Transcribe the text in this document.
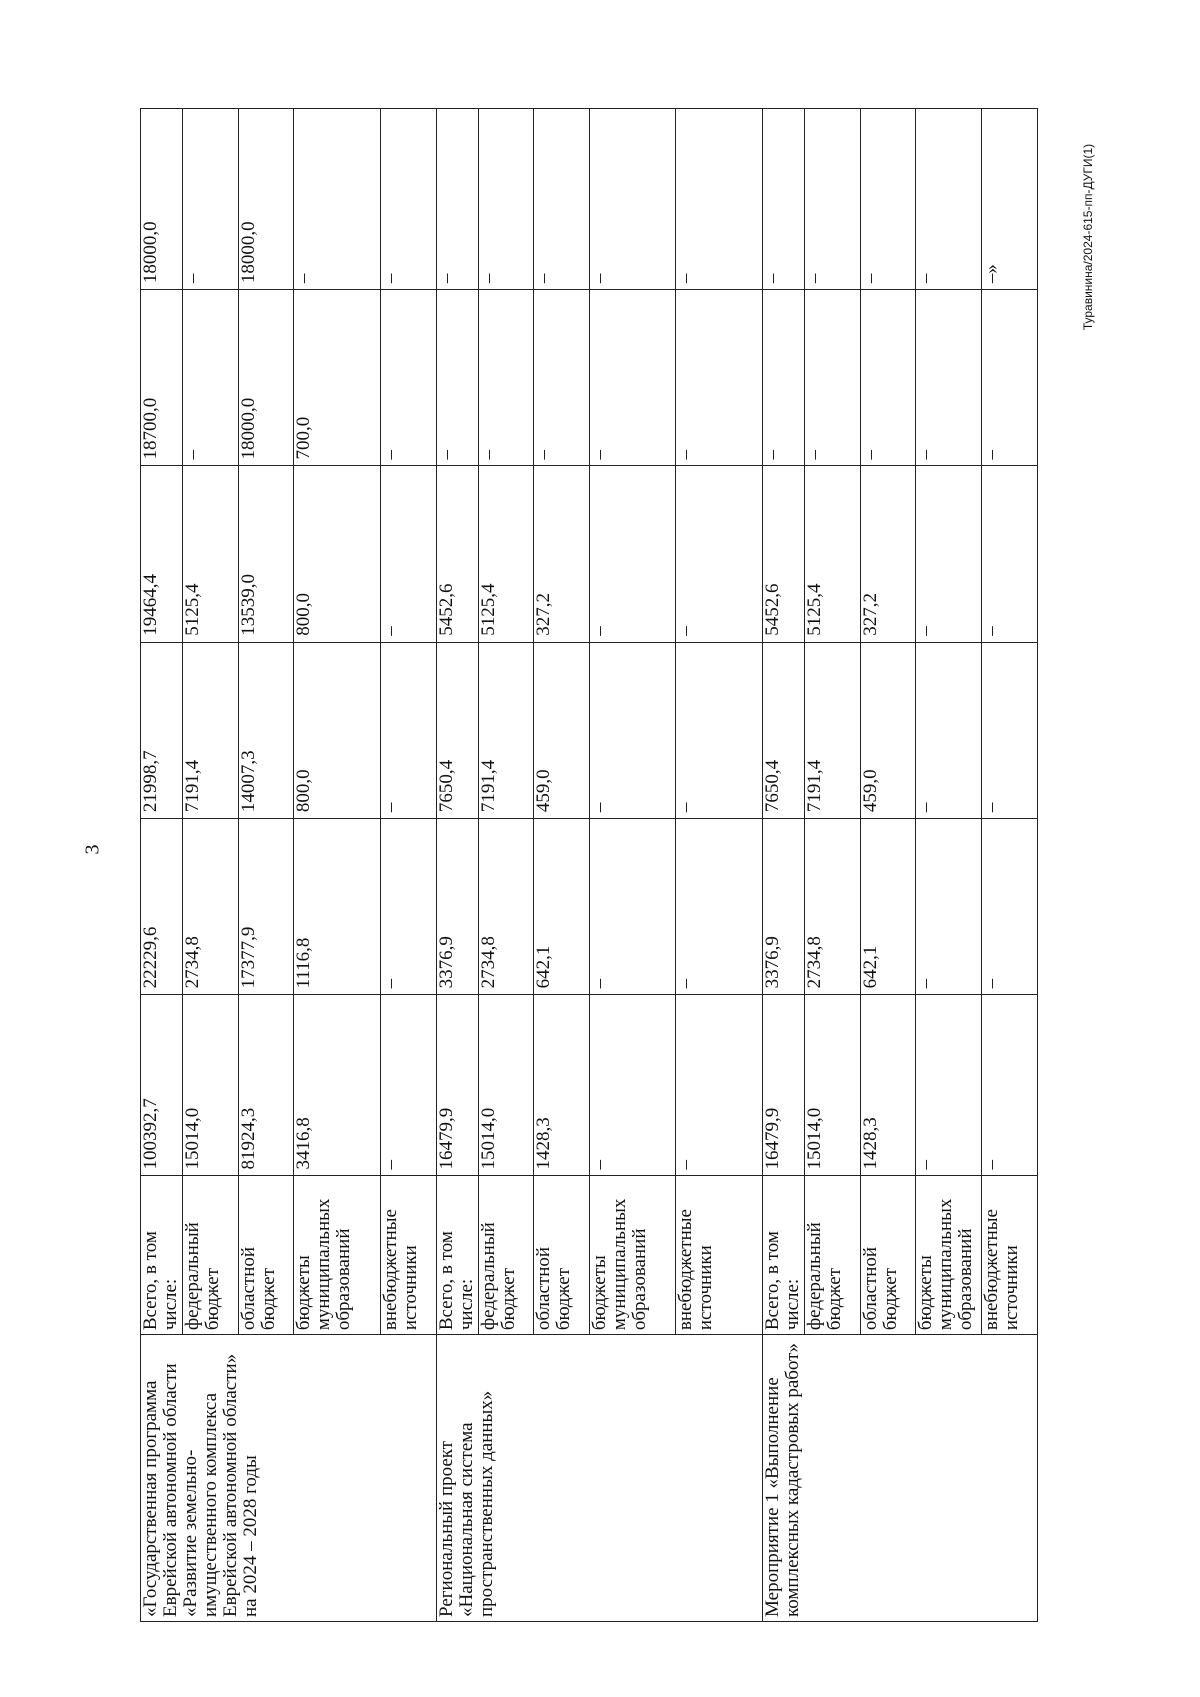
3
Туравинина/2024-615-пп-ДУГИ(1)
«Государственная программа Еврейской автономной области «Развитие земельно-имущественного комплекса Еврейской автономной области» на 2024 – 2028 годы	Всего, в том числе:	100392,7	22229,6	21998,7	19464,4	18700,0	18000,0
	федеральный бюджет	15014,0	2734,8	7191,4	5125,4	–	–
	областной бюджет	81924,3	17377,9	14007,3	13539,0	18000,0	18000,0
	бюджеты муниципальных образований	3416,8	1116,8	800,0	800,0	700,0	–
	внебюджетные источники	–	–	–	–	–	–
Региональный проект «Национальная система пространственных данных»	Всего, в том числе:	16479,9	3376,9	7650,4	5452,6	–	–
	федеральный бюджет	15014,0	2734,8	7191,4	5125,4	–	–
	областной бюджет	1428,3	642,1	459,0	327,2	–	–
	бюджеты муниципальных образований	–	–	–	–	–	–
	внебюджетные источники	–	–	–	–	–	–
Мероприятие 1 «Выполнение комплексных кадастровых работ»	Всего, в том числе:	16479,9	3376,9	7650,4	5452,6	–	–
	федеральный бюджет	15014,0	2734,8	7191,4	5125,4	–	–
	областной бюджет	1428,3	642,1	459,0	327,2	–	–
	бюджеты муниципальных образований	–	–	–	–	–	–
	внебюджетные источники	–	–	–	–	–	–»
